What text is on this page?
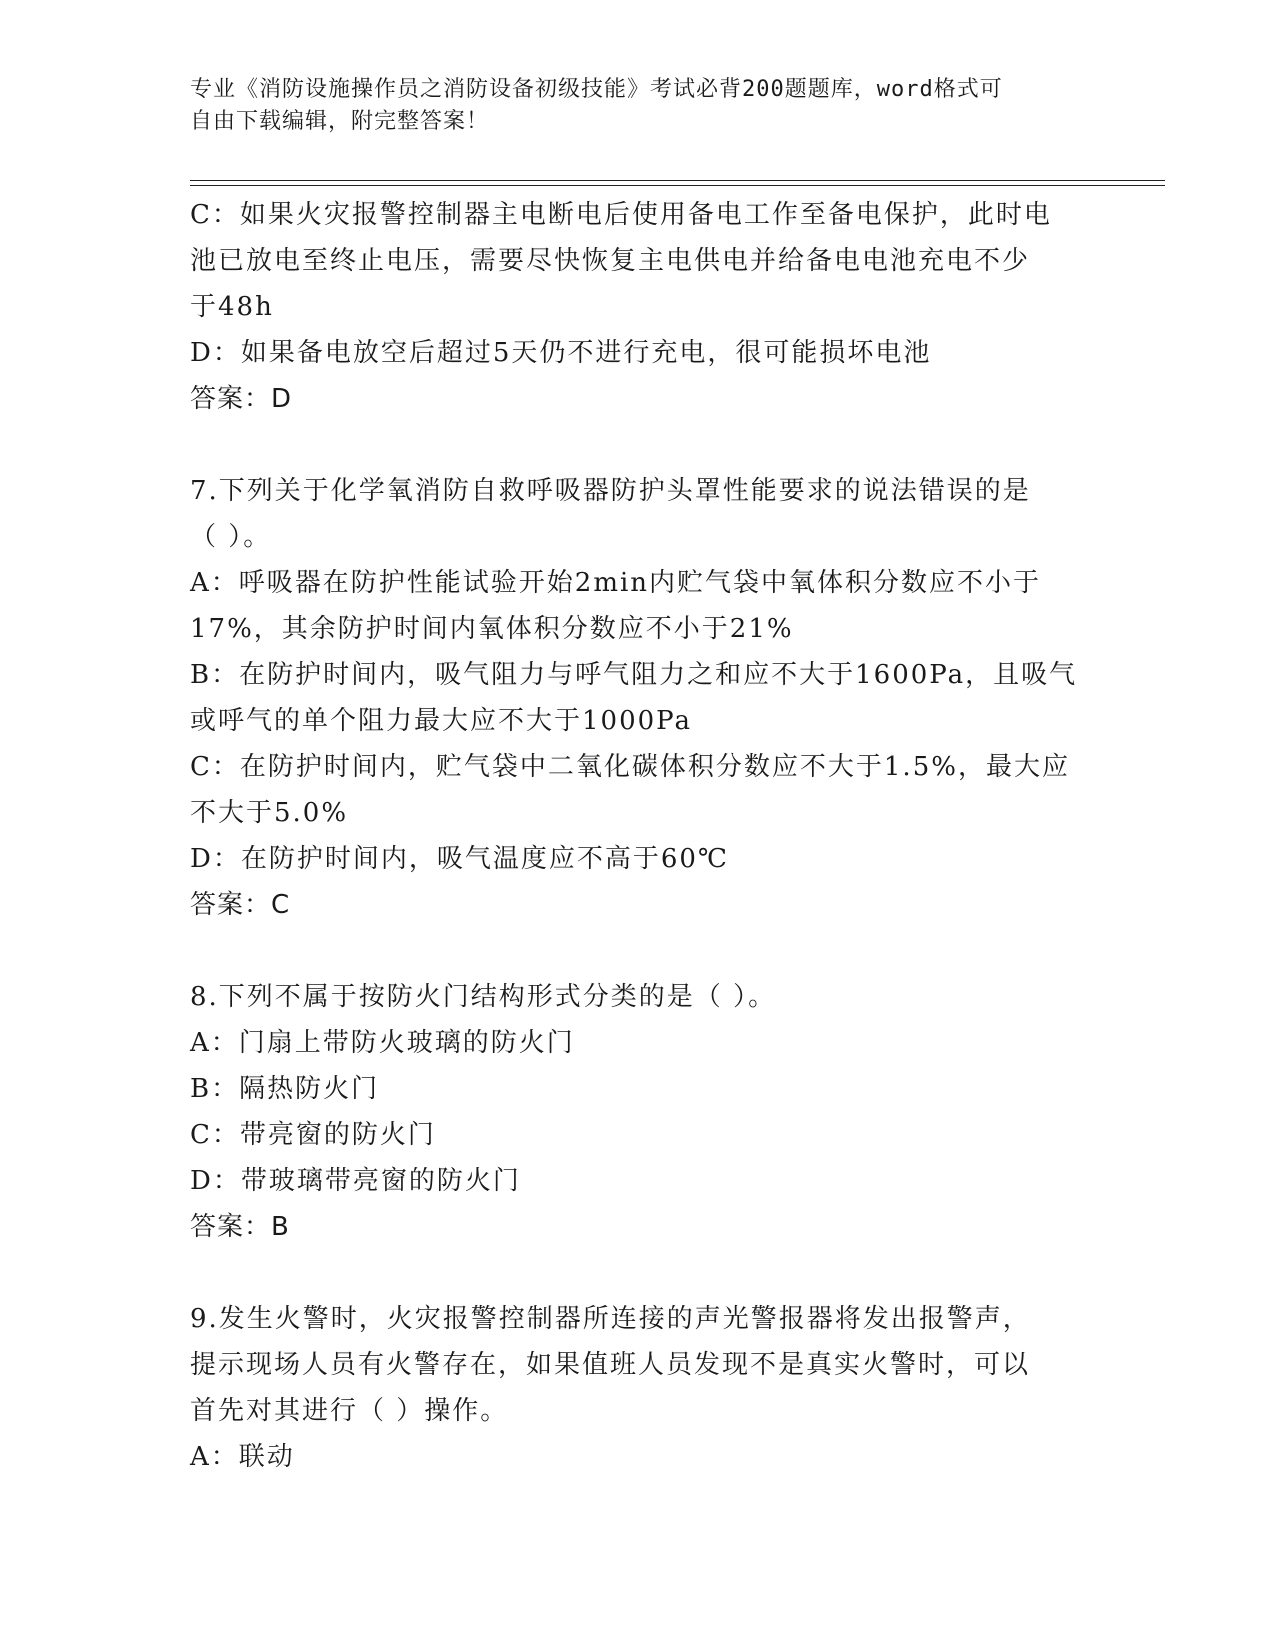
专业《消防设施操作员之消防设备初级技能》考试必背200题题库，word格式可
自由下载编辑，附完整答案！
C：如果火灾报警控制器主电断电后使用备电工作至备电保护，此时电
池已放电至终止电压，需要尽快恢复主电供电并给备电电池充电不少
于48h
D：如果备电放空后超过5天仍不进行充电，很可能损坏电池
答案：D
7.下列关于化学氧消防自救呼吸器防护头罩性能要求的说法错误的是
（ ）。
A：呼吸器在防护性能试验开始2min内贮气袋中氧体积分数应不小于
17%，其余防护时间内氧体积分数应不小于21%
B：在防护时间内，吸气阻力与呼气阻力之和应不大于1600Pa，且吸气
或呼气的单个阻力最大应不大于1000Pa
C：在防护时间内，贮气袋中二氧化碳体积分数应不大于1.5%，最大应
不大于5.0%
D：在防护时间内，吸气温度应不高于60℃
答案：C
8.下列不属于按防火门结构形式分类的是（ ）。
A：门扇上带防火玻璃的防火门
B：隔热防火门
C：带亮窗的防火门
D：带玻璃带亮窗的防火门
答案：B
9.发生火警时，火灾报警控制器所连接的声光警报器将发出报警声，
提示现场人员有火警存在，如果值班人员发现不是真实火警时，可以
首先对其进行（ ）操作。
A：联动
